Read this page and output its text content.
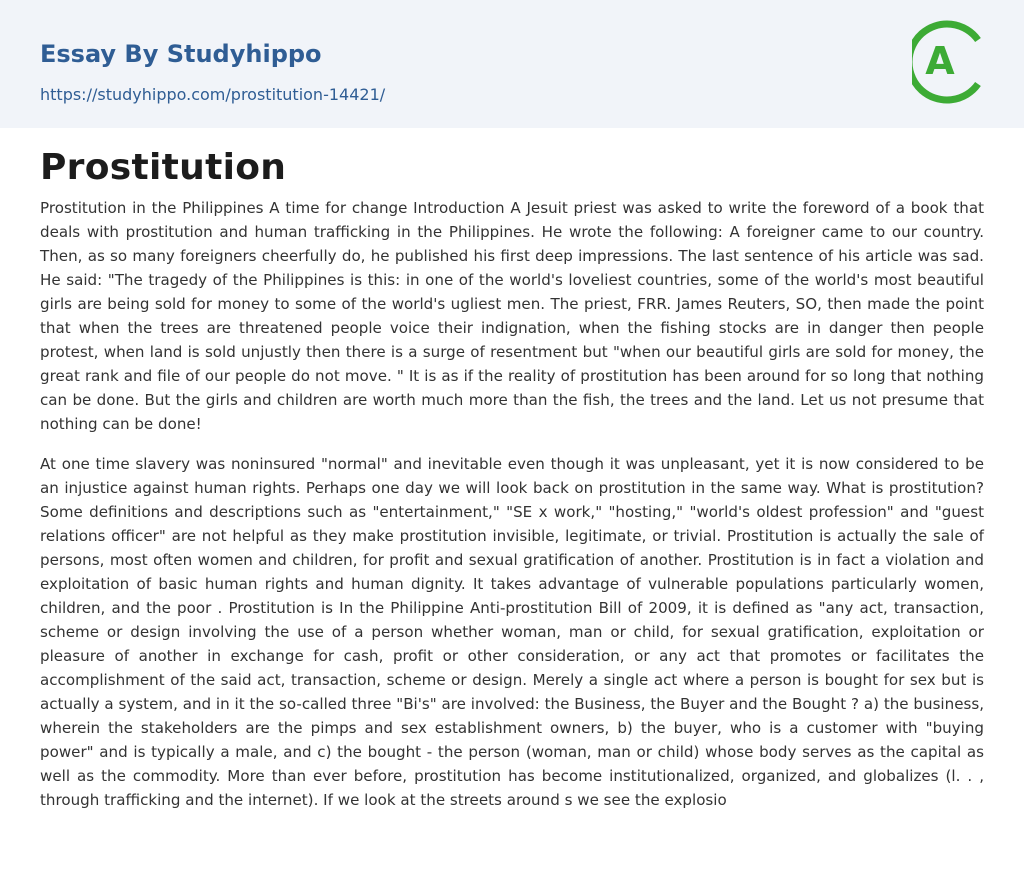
Essay By Studyhippo
https://studyhippo.com/prostitution-14421/
A
Prostitution

Prostitution in the Philippines A time for change Introduction A Jesuit priest was asked to write the foreword of a book that deals with prostitution and human trafficking in the Philippines. He wrote the following: A foreigner came to our country. Then, as so many foreigners cheerfully do, he published his first deep impressions. The last sentence of his article was sad. He said: "The tragedy of the Philippines is this: in one of the world's loveliest countries, some of the world's most beautiful girls are being sold for money to some of the world's ugliest men. The priest, FRR. James Reuters, SO, then made the point that when the trees are threatened people voice their indignation, when the fishing stocks are in danger then people protest, when land is sold unjustly then there is a surge of resentment but "when our beautiful girls are sold for money, the great rank and file of our people do not move. " It is as if the reality of prostitution has been around for so long that nothing can be done. But the girls and children are worth much more than the fish, the trees and the land. Let us not presume that nothing can be done!

At one time slavery was noninsured "normal" and inevitable even though it was unpleasant, yet it is now considered to be an injustice against human rights. Perhaps one day we will look back on prostitution in the same way. What is prostitution? Some definitions and descriptions such as "entertainment," "SE x work," "hosting," "world's oldest profession" and "guest relations officer" are not helpful as they make prostitution invisible, legitimate, or trivial. Prostitution is actually the sale of persons, most often women and children, for profit and sexual gratification of another. Prostitution is in fact a violation and exploitation of basic human rights and human dignity. It takes advantage of vulnerable populations particularly women, children, and the poor . Prostitution is In the Philippine Anti-prostitution Bill of 2009, it is defined as "any act, transaction, scheme or design involving the use of a person whether woman, man or child, for sexual gratification, exploitation or pleasure of another in exchange for cash, profit or other consideration, or any act that promotes or facilitates the accomplishment of the said act, transaction, scheme or design. Merely a single act where a person is bought for sex but is actually a system, and in it the so-called three "Bi's" are involved: the Business, the Buyer and the Bought ? a) the business, wherein the stakeholders are the pimps and sex establishment owners, b) the buyer, who is a customer with "buying power" and is typically a male, and c) the bought - the person (woman, man or child) whose body serves as the capital as well as the commodity. More than ever before, prostitution has become institutionalized, organized, and globalizes (l. . , through trafficking and the internet). If we look at the streets around s we see the explosio
